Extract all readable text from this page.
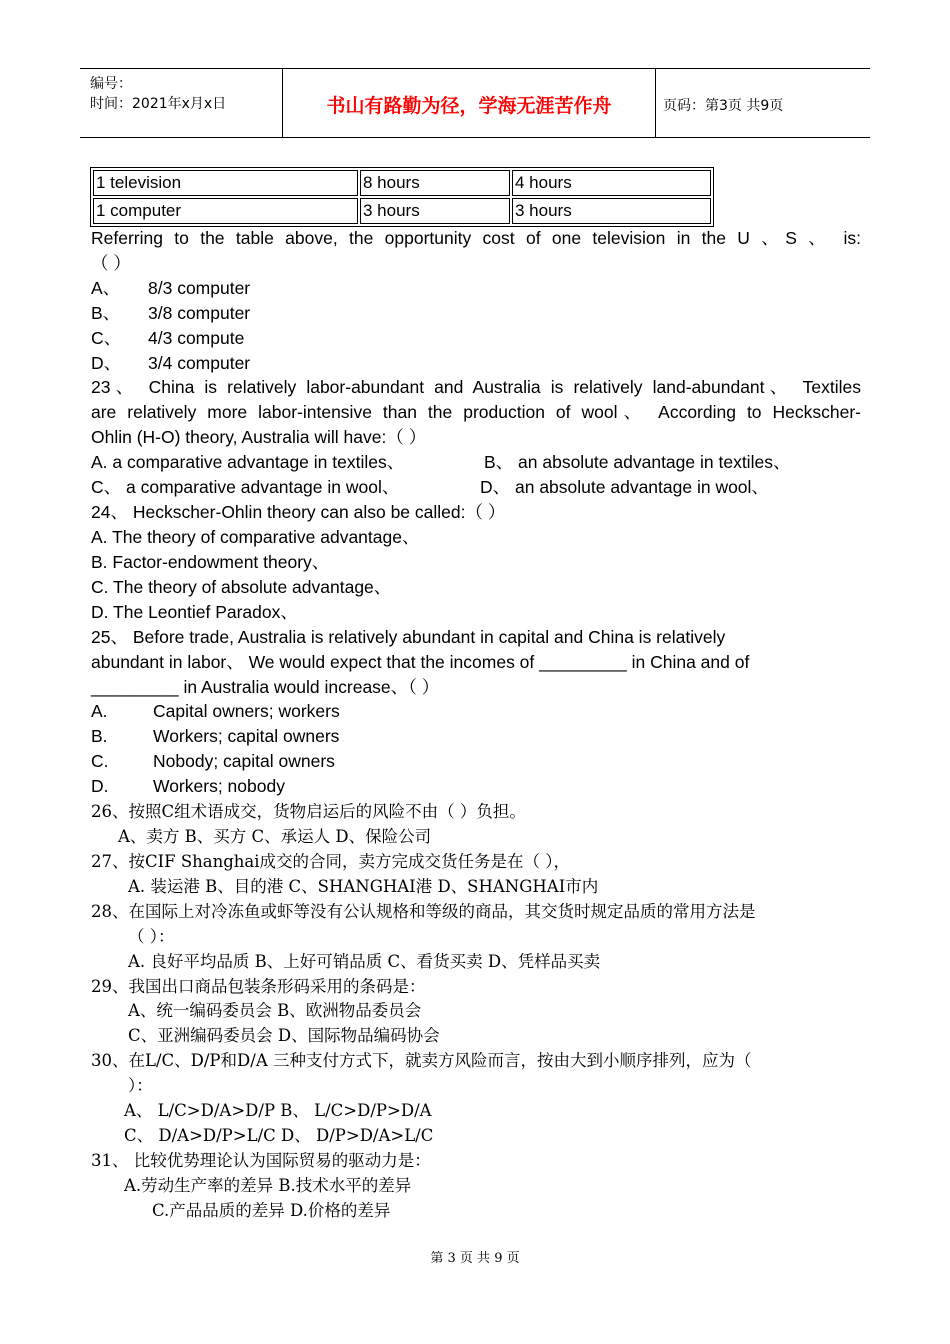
编号：
时间：2021年x月x日	书山有路勤为径，学海无涯苦作舟	页码：第3页 共9页
1 television	8 hours	4 hours
1 computer	3 hours	3 hours
Referring to the table above, the opportunity cost of one television in the U 、S 、 is:
（ ）
A、 8/3 computer
B、 3/8 computer
C、 4/3 compute
D、 3/4 computer
23、 China is relatively labor-abundant and Australia is relatively land-abundant、 Textiles
are relatively more labor-intensive than the production of wool、 According to Heckscher-
Ohlin (H-O) theory, Australia will have:（ ）
A. a comparative advantage in textiles、	B、 an absolute advantage in textiles、
C、 a comparative advantage in wool、	D、 an absolute advantage in wool、
24、 Heckscher-Ohlin theory can also be called:（ ）
A. The theory of comparative advantage、
B. Factor-endowment theory、
C. The theory of absolute advantage、
D. The Leontief Paradox、
25、 Before trade, Australia is relatively abundant in capital and China is relatively
abundant in labor、 We would expect that the incomes of _________ in China and of
_________ in Australia would increase、（ ）
A.	Capital owners; workers
B.	Workers; capital owners
C.	Nobody; capital owners
D.	Workers; nobody
26、按照C组术语成交，货物启运后的风险不由（ ）负担。
A、卖方 B、买方 C、承运人 D、保险公司
27、按CIF Shanghai成交的合同，卖方完成交货任务是在（ ），
A. 装运港 B、目的港 C、SHANGHAI港 D、SHANGHAI市内
28、在国际上对冷冻鱼或虾等没有公认规格和等级的商品，其交货时规定品质的常用方法是
（ ）：
A. 良好平均品质 B、上好可销品质 C、看货买卖 D、凭样品买卖
29、我国出口商品包装条形码采用的条码是：
A、统一编码委员会 B、欧洲物品委员会
C、亚洲编码委员会 D、国际物品编码协会
30、在L/C、D/P和D/A 三种支付方式下，就卖方风险而言，按由大到小顺序排列，应为（
）：
A、 L/C>D/A>D/P B、 L/C>D/P>D/A
C、 D/A>D/P>L/C D、 D/P>D/A>L/C
31、 比较优势理论认为国际贸易的驱动力是：
A.劳动生产率的差异 B.技术水平的差异
C.产品品质的差异 D.价格的差异
第 3 页 共 9 页
